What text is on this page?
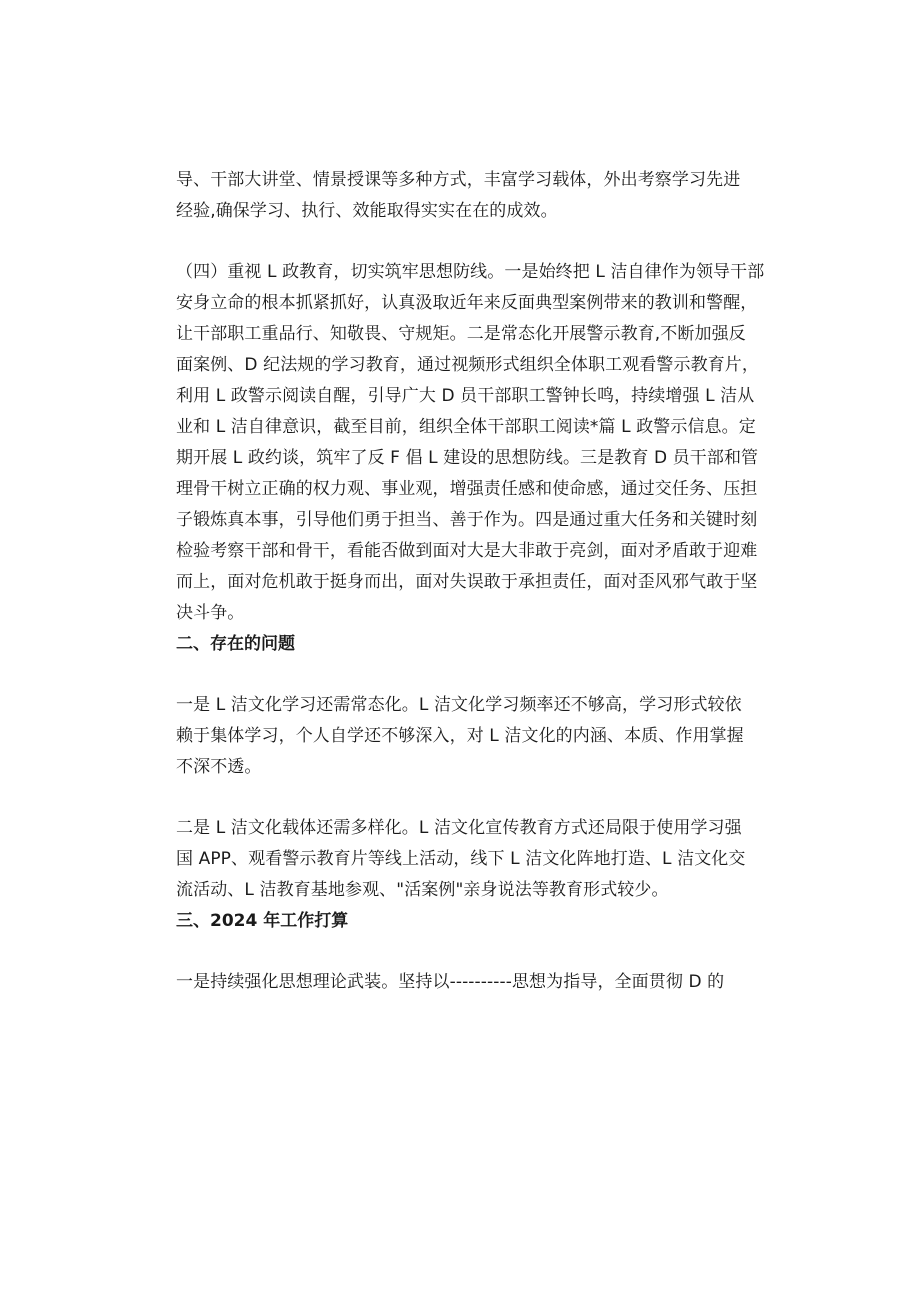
导、干部大讲堂、情景授课等多种方式，丰富学习载体，外出考察学习先进
经验,确保学习、执行、效能取得实实在在的成效。

（四）重视 L 政教育，切实筑牢思想防线。一是始终把 L 洁自律作为领导干部
安身立命的根本抓紧抓好，认真汲取近年来反面典型案例带来的教训和警醒，
让干部职工重品行、知敬畏、守规矩。二是常态化开展警示教育,不断加强反
面案例、D 纪法规的学习教育，通过视频形式组织全体职工观看警示教育片，
利用 L 政警示阅读自醒，引导广大 D 员干部职工警钟长鸣，持续增强 L 洁从
业和 L 洁自律意识，截至目前，组织全体干部职工阅读*篇 L 政警示信息。定
期开展 L 政约谈，筑牢了反 F 倡 L 建设的思想防线。三是教育 D 员干部和管
理骨干树立正确的权力观、事业观，增强责任感和使命感，通过交任务、压担
子锻炼真本事，引导他们勇于担当、善于作为。四是通过重大任务和关键时刻
检验考察干部和骨干，看能否做到面对大是大非敢于亮剑，面对矛盾敢于迎难
而上，面对危机敢于挺身而出，面对失误敢于承担责任，面对歪风邪气敢于坚
决斗争。

二、存在的问题

一是 L 洁文化学习还需常态化。L 洁文化学习频率还不够高，学习形式较依
赖于集体学习，个人自学还不够深入，对 L 洁文化的内涵、本质、作用掌握
不深不透。

二是 L 洁文化载体还需多样化。L 洁文化宣传教育方式还局限于使用学习强
国 APP、观看警示教育片等线上活动，线下 L 洁文化阵地打造、L 洁文化交
流活动、L 洁教育基地参观、"活案例"亲身说法等教育形式较少。

三、2024 年工作打算

一是持续强化思想理论武装。坚持以----------思想为指导，全面贯彻 D 的
